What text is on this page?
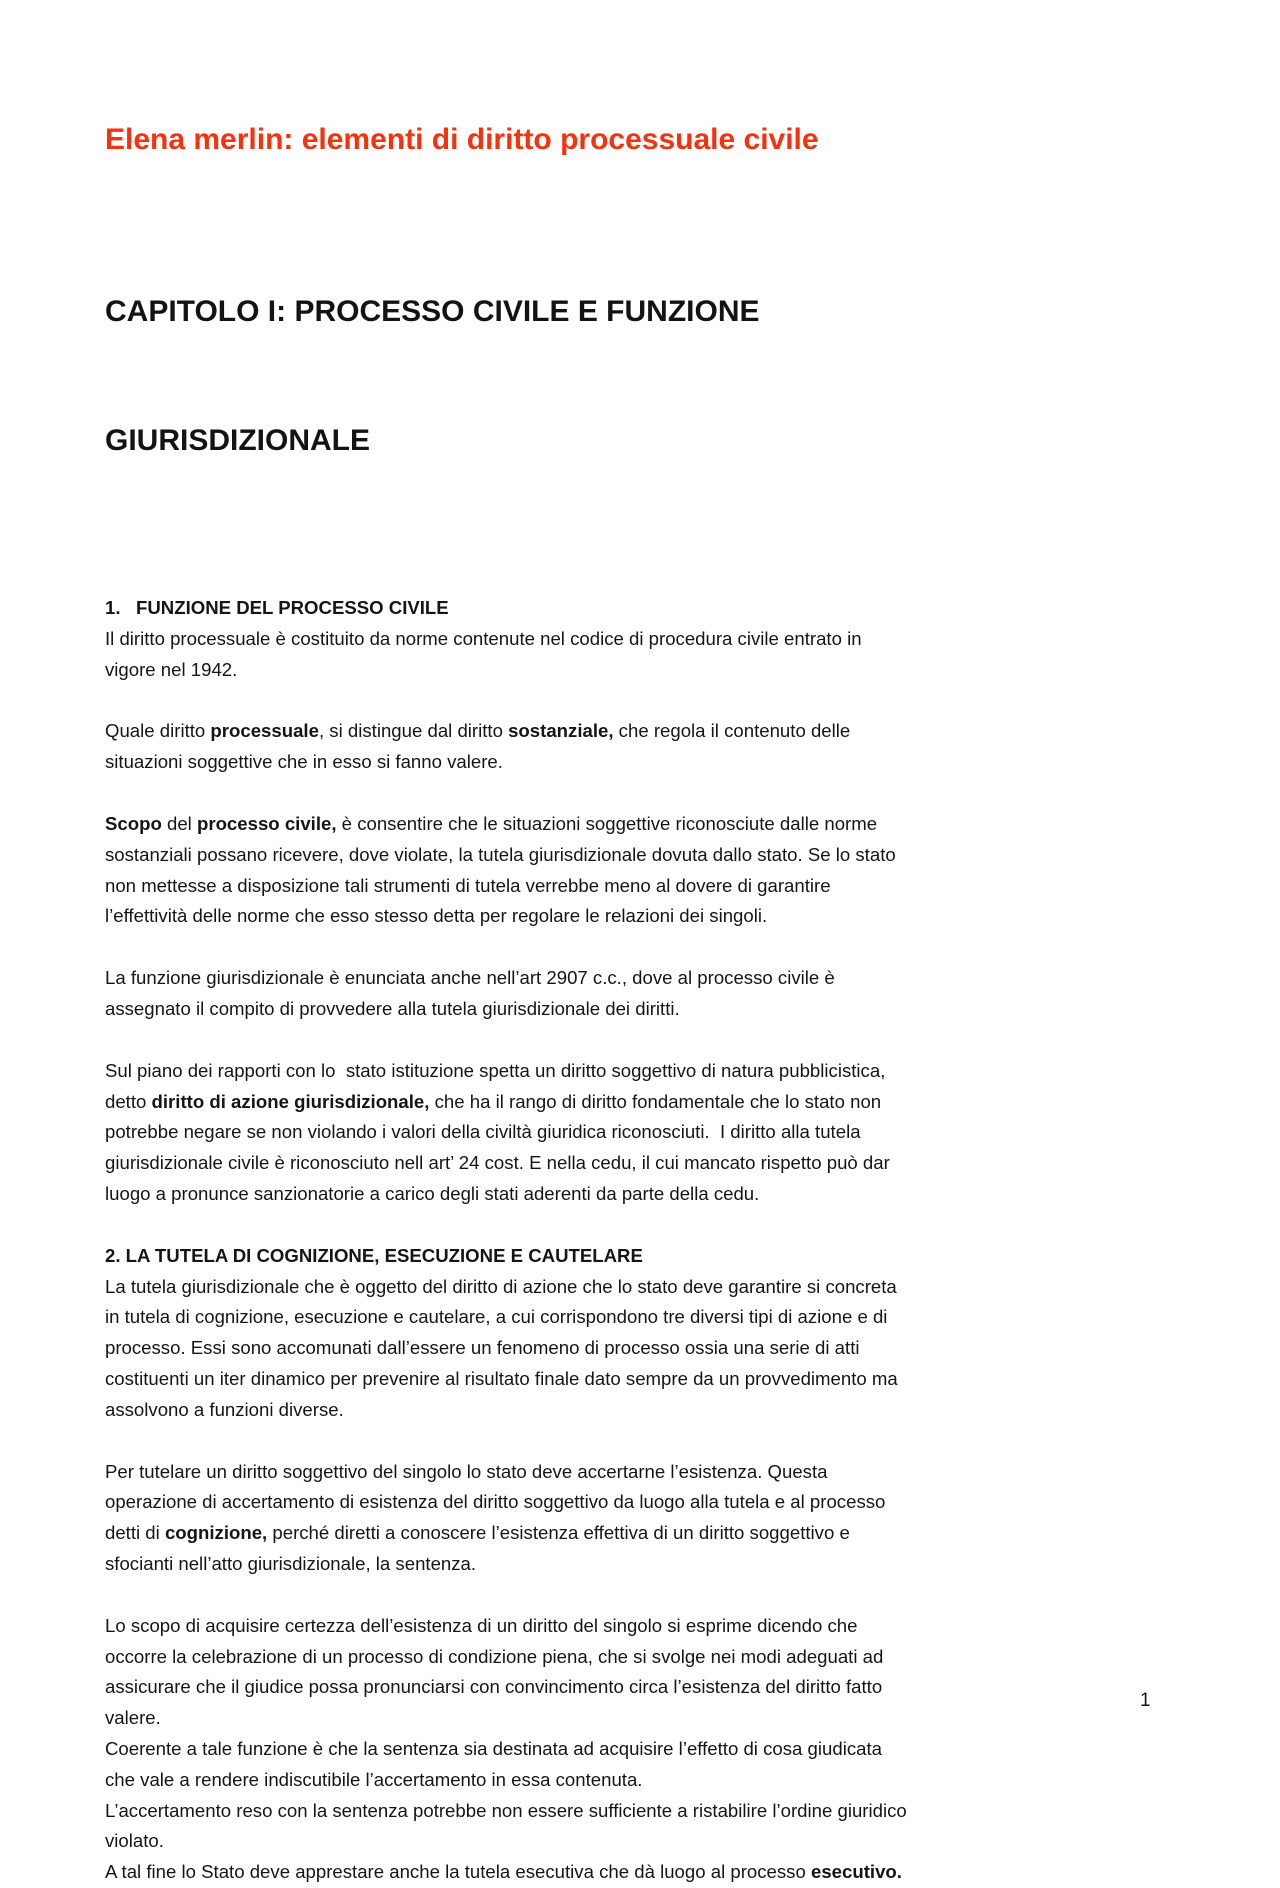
Elena merlin: elementi di diritto processuale civile

CAPITOLO I: PROCESSO CIVILE E FUNZIONE

GIURISDIZIONALE

1.   FUNZIONE DEL PROCESSO CIVILE
Il diritto processuale è costituito da norme contenute nel codice di procedura civile entrato in
vigore nel 1942.
Quale diritto processuale, si distingue dal diritto sostanziale, che regola il contenuto delle
situazioni soggettive che in esso si fanno valere.
Scopo del processo civile, è consentire che le situazioni soggettive riconosciute dalle norme
sostanziali possano ricevere, dove violate, la tutela giurisdizionale dovuta dallo stato. Se lo stato
non mettesse a disposizione tali strumenti di tutela verrebbe meno al dovere di garantire
l’effettività delle norme che esso stesso detta per regolare le relazioni dei singoli.
La funzione giurisdizionale è enunciata anche nell’art 2907 c.c., dove al processo civile è
assegnato il compito di provvedere alla tutela giurisdizionale dei diritti.
Sul piano dei rapporti con lo  stato istituzione spetta un diritto soggettivo di natura pubblicistica,
detto diritto di azione giurisdizionale, che ha il rango di diritto fondamentale che lo stato non
potrebbe negare se non violando i valori della civiltà giuridica riconosciuti.  I diritto alla tutela
giurisdizionale civile è riconosciuto nell art’ 24 cost. E nella cedu, il cui mancato rispetto può dar
luogo a pronunce sanzionatorie a carico degli stati aderenti da parte della cedu.
2. LA TUTELA DI COGNIZIONE, ESECUZIONE E CAUTELARE
La tutela giurisdizionale che è oggetto del diritto di azione che lo stato deve garantire si concreta
in tutela di cognizione, esecuzione e cautelare, a cui corrispondono tre diversi tipi di azione e di
processo. Essi sono accomunati dall’essere un fenomeno di processo ossia una serie di atti
costituenti un iter dinamico per prevenire al risultato finale dato sempre da un provvedimento ma
assolvono a funzioni diverse.
Per tutelare un diritto soggettivo del singolo lo stato deve accertarne l’esistenza. Questa
operazione di accertamento di esistenza del diritto soggettivo da luogo alla tutela e al processo
detti di cognizione, perché diretti a conoscere l’esistenza effettiva di un diritto soggettivo e
sfocianti nell’atto giurisdizionale, la sentenza.
Lo scopo di acquisire certezza dell’esistenza di un diritto del singolo si esprime dicendo che
occorre la celebrazione di un processo di condizione piena, che si svolge nei modi adeguati ad
assicurare che il giudice possa pronunciarsi con convincimento circa l’esistenza del diritto fatto
valere.
Coerente a tale funzione è che la sentenza sia destinata ad acquisire l’effetto di cosa giudicata
che vale a rendere indiscutibile l’accertamento in essa contenuta.
L’accertamento reso con la sentenza potrebbe non essere sufficiente a ristabilire l’ordine giuridico
violato.
A tal fine lo Stato deve apprestare anche la tutela esecutiva che dà luogo al processo esecutivo.
1
